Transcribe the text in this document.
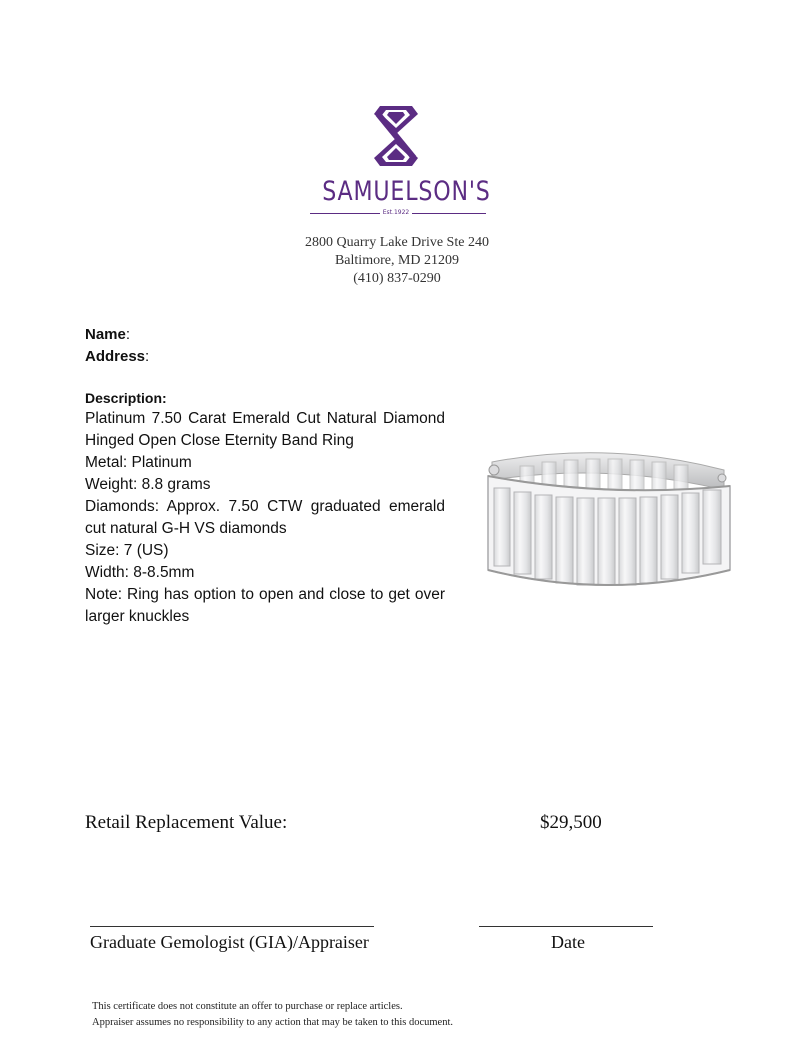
SAMUELSON'S
Est.1922
2800 Quarry Lake Drive Ste 240
Baltimore, MD 21209
(410) 837-0290
Name:
Address:
Description:
Platinum 7.50 Carat Emerald Cut Natural Diamond Hinged Open Close Eternity Band Ring
Metal: Platinum
Weight: 8.8 grams
Diamonds: Approx. 7.50 CTW graduated emerald cut natural G-H VS diamonds
Size: 7 (US)
Width: 8-8.5mm
Note: Ring has option to open and close to get over larger knuckles
Retail Replacement Value:	$29,500
Graduate Gemologist (GIA)/Appraiser	Date
This certificate does not constitute an offer to purchase or replace articles.
Appraiser assumes no responsibility to any action that may be taken to this document.
